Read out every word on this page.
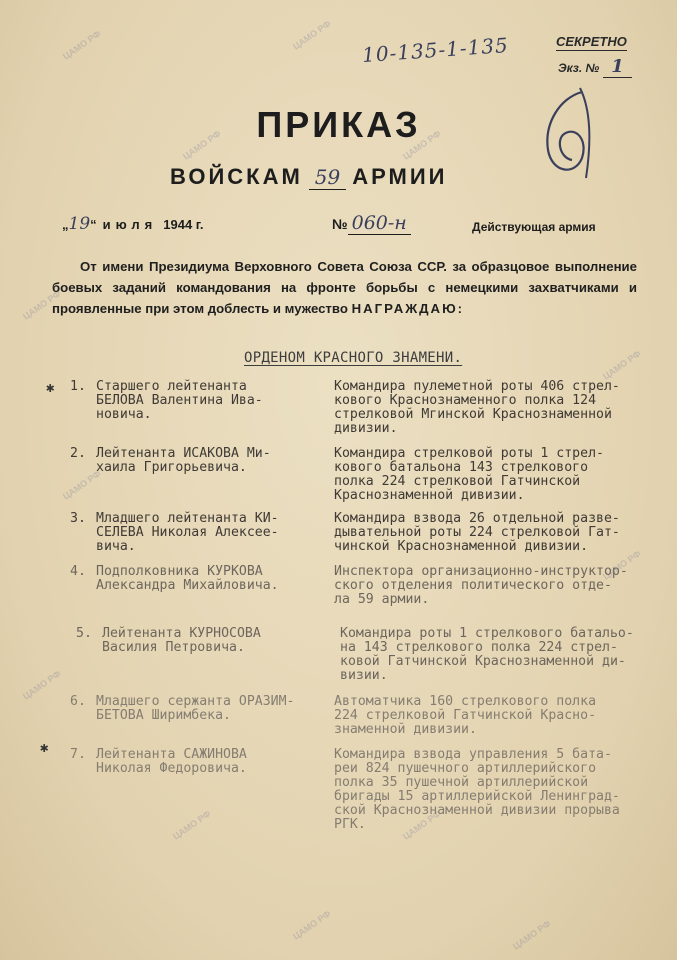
ЦАМО РФ	ЦАМО РФ
ЦАМО РФ	ЦАМО РФ
ЦАМО РФ
ЦАМО РФ
ЦАМО РФ
ЦАМО РФ
ЦАМО РФ
ЦАМО РФ	ЦАМО РФ
ЦАМО РФ	ЦАМО РФ
10-135-1-135	СЕКРЕТНО
Экз. № 1
ПРИКАЗ
ВОЙСКАМ 59 АРМИИ
„19“ июля 1944 г.	№ 060-н	Действующая армия
От имени Президиума Верховного Совета Союза ССР. за образцовое выполнение боевых заданий командования на фронте борьбы с немецкими захватчиками и проявленные при этом доблесть и мужество НАГРАЖДАЮ:
ОРДЕНОМ КРАСНОГО ЗНАМЕНИ.
✱
✱
1. Старшего лейтенанта
БЕЛОВА Валентина Ива-
новича.
Командира пулеметной роты 406 стрел-
кового Краснознаменного полка 124
стрелковой Мгинской Краснознаменной
дивизии.
2. Лейтенанта ИСАКОВА Ми-
хаила Григорьевича.
Командира стрелковой роты 1 стрел-
кового батальона 143 стрелкового
полка 224 стрелковой Гатчинской
Краснознаменной дивизии.
3. Младшего лейтенанта КИ-
СЕЛЕВА Николая Алексее-
вича.
Командира взвода 26 отдельной разве-
дывательной роты 224 стрелковой Гат-
чинской Краснознаменной дивизии.
4. Подполковника КУРКОВА
Александра Михайловича.
Инспектора организационно-инструктор-
ского отделения политического отде-
ла 59 армии.
5. Лейтенанта КУРНОСОВА
Василия Петровича.
Командира роты 1 стрелкового батальо-
на 143 стрелкового полка 224 стрел-
ковой Гатчинской Краснознаменной ди-
визии.
6. Младшего сержанта ОРАЗИМ-
БЕТОВА Ширимбека.
Автоматчика 160 стрелкового полка
224 стрелковой Гатчинской Красно-
знаменной дивизии.
7. Лейтенанта САЖИНОВА
Николая Федоровича.
Командира взвода управления 5 бата-
реи 824 пушечного артиллерийского
полка 35 пушечной артиллерийской
бригады 15 артиллерийской Ленинград-
ской Краснознаменной дивизии прорыва
РГК.
